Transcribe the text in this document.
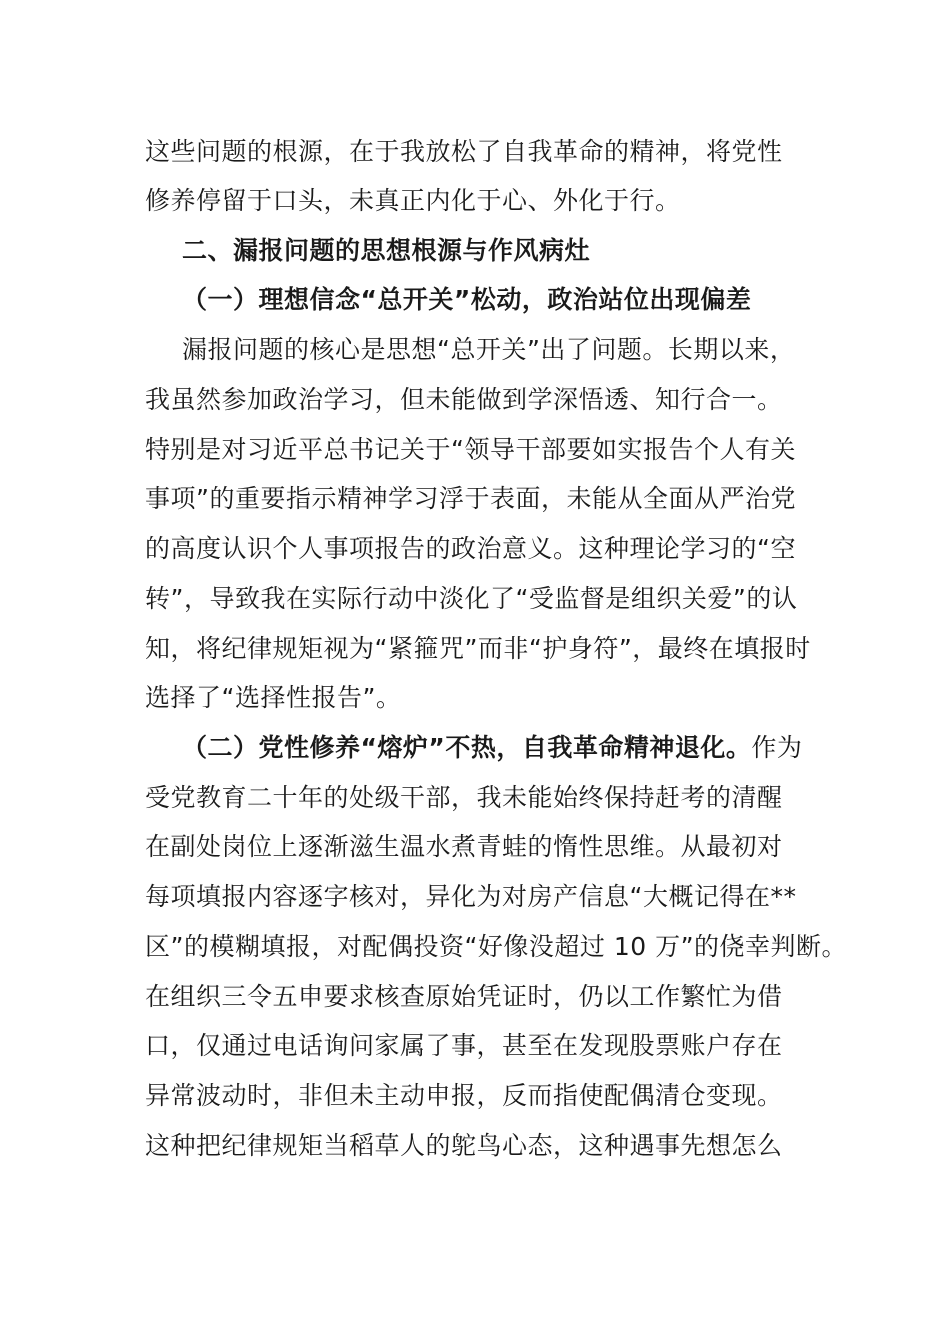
这些问题的根源，在于我放松了自我革命的精神，将党性
修养停留于口头，未真正内化于心、外化于行。
二、漏报问题的思想根源与作风病灶
（一）理想信念“总开关”松动，政治站位出现偏差
漏报问题的核心是思想“总开关”出了问题。长期以来，
我虽然参加政治学习，但未能做到学深悟透、知行合一。
特别是对习近平总书记关于“领导干部要如实报告个人有关
事项”的重要指示精神学习浮于表面，未能从全面从严治党
的高度认识个人事项报告的政治意义。这种理论学习的“空
转”，导致我在实际行动中淡化了“受监督是组织关爱”的认
知，将纪律规矩视为“紧箍咒”而非“护身符”，最终在填报时
选择了“选择性报告”。
（二）党性修养“熔炉”不热，自我革命精神退化。作为
受党教育二十年的处级干部，我未能始终保持赶考的清醒
在副处岗位上逐渐滋生温水煮青蛙的惰性思维。从最初对
每项填报内容逐字核对，异化为对房产信息“大概记得在**
区”的模糊填报，对配偶投资“好像没超过 10 万”的侥幸判断。
在组织三令五申要求核查原始凭证时，仍以工作繁忙为借
口，仅通过电话询问家属了事，甚至在发现股票账户存在
异常波动时，非但未主动申报，反而指使配偶清仓变现。
这种把纪律规矩当稻草人的鸵鸟心态，这种遇事先想怎么
